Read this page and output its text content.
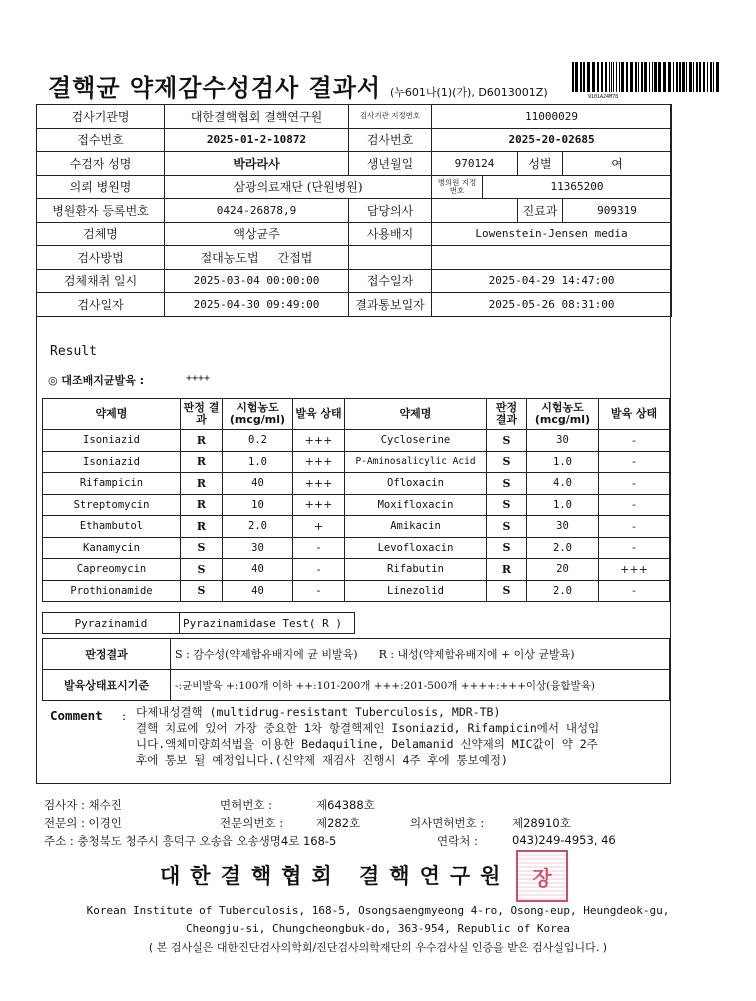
결핵균 약제감수성검사 결과서 (누601나(1)(가), D6013001Z)	9101A24M78
검사기관명	대한결핵협회 결핵연구원	검사기관 지정번호	11000029			
접수번호	2025-01-2-10872	검사번호	2025-20-02685			
수검자 성명	박라라사	생년월일	970124		성별	여
의뢰 병원명	삼광의료재단 (단원병원)		병의원 지정번호	11365200		
병원환자 등록번호	0424-26878,9	담당의사			진료과	909319
검체명	액상균주	사용배지	Lowenstein-Jensen media			
검사방법	절대농도법 간접법					
검체채취 일시	2025-03-04 00:00:00	접수일자	2025-04-29 14:47:00			
검사일자	2025-04-30 09:49:00	결과통보일자	2025-05-26 08:31:00			
Result
◎ 대조배지균발육 :	++++
약제명	판정 결과	시험농도 (mcg/ml)	발육 상태	약제명	판정 결과	시험농도 (mcg/ml)	발육 상태
Isoniazid	R	0.2	+++	Cycloserine	S	30	-
Isoniazid	R	1.0	+++	P-Aminosalicylic Acid	S	1.0	-
Rifampicin	R	40	+++	Ofloxacin	S	4.0	-
Streptomycin	R	10	+++	Moxifloxacin	S	1.0	-
Ethambutol	R	2.0	+	Amikacin	S	30	-
Kanamycin	S	30	-	Levofloxacin	S	2.0	-
Capreomycin	S	40	-	Rifabutin	R	20	+++
Prothionamide	S	40	-	Linezolid	S	2.0	-
Pyrazinamid	Pyrazinamidase Test( R )
판정결과	S : 감수성(약제함유배지에 균 비발육) R : 내성(약제함유배지에 + 이상 균발육)
발육상태표시기준	-:균비발육 +:100개 이하 ++:101-200개 +++:201-500개 ++++:+++이상(융합발육)
Comment : 다제내성결핵 (multidrug-resistant Tuberculosis, MDR-TB)
결핵 치료에 있어 가장 중요한 1차 항결핵제인 Isoniazid, Rifampicin에서 내성입
니다.액체미량희석법을 이용한 Bedaquiline, Delamanid 신약제의 MIC값이 약 2주
후에 통보 될 예정입니다.(신약제 재검사 진행시 4주 후에 통보예정)
검사자 : 채수진	면허번호 :	제64388호
전문의 : 이경인	전문의번호 :	제282호	의사면허번호 : 제28910호
주소 : 충청북도 청주시 흥덕구 오송읍 오송생명4로 168-5	연락처 :	043)249-4953, 46
대한결핵협회 결핵연구원	장
Korean Institute of Tuberculosis, 168-5, Osongsaengmyeong 4-ro, Osong-eup, Heungdeok-gu,
Cheongju-si, Chungcheongbuk-do, 363-954, Republic of Korea
( 본 검사실은 대한진단검사의학회/진단검사의학재단의 우수검사실 인증을 받은 검사실입니다. )
